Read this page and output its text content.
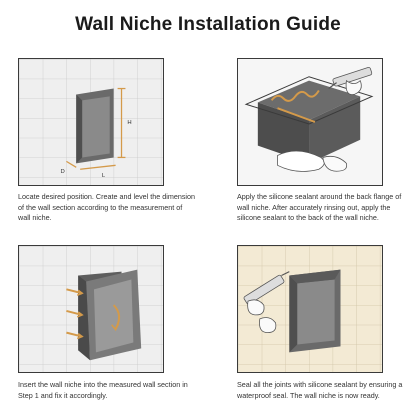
Wall Niche Installation Guide
H
L
D
Locate desired position. Create and level the dimension of the wall section according to the measurement of wall niche.
Apply the silicone sealant around the back flange of wall niche. After accurately rinsing out, apply the silicone sealant to the back of the wall niche.
Insert the wall niche into the measured wall section in Step 1 and fix it accordingly.
Seal all the joints with silicone sealant by ensuring a waterproof seal. The wall niche is now ready.
